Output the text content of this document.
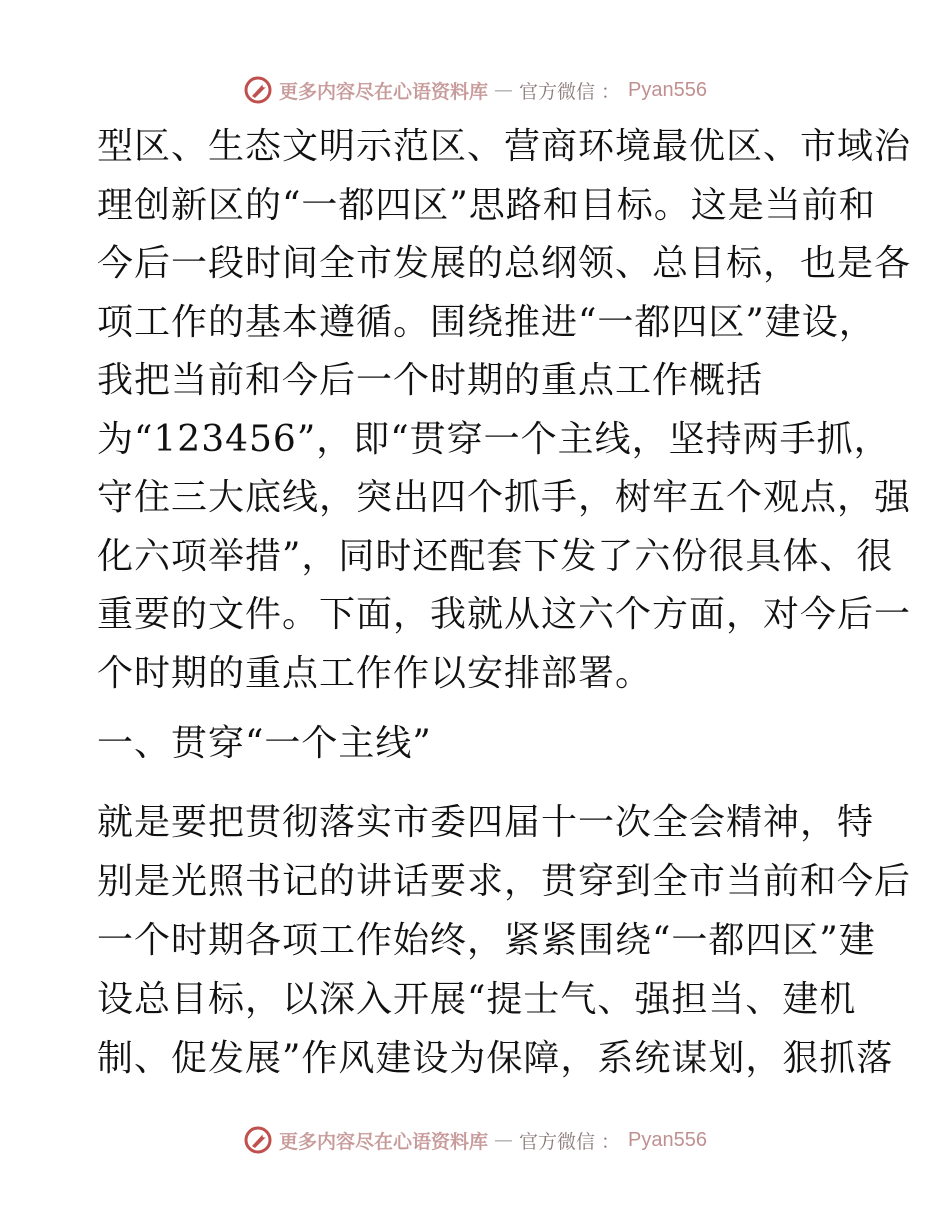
更多内容尽在心语资料库 — 官方微信 ： Pyan556
型区、生态文明示范区、营商环境最优区、市域治
理创新区的“一都四区”思路和目标。这是当前和
今后一段时间全市发展的总纲领、总目标，也是各
项工作的基本遵循。围绕推进“一都四区”建设，
我把当前和今后一个时期的重点工作概括
为“123456”，即“贯穿一个主线，坚持两手抓，
守住三大底线，突出四个抓手，树牢五个观点，强
化六项举措”，同时还配套下发了六份很具体、很
重要的文件。下面，我就从这六个方面，对今后一
个时期的重点工作作以安排部署。
一、贯穿“一个主线”
就是要把贯彻落实市委四届十一次全会精神，特
别是光照书记的讲话要求，贯穿到全市当前和今后
一个时期各项工作始终，紧紧围绕“一都四区”建
设总目标，以深入开展“提士气、强担当、建机
制、促发展”作风建设为保障，系统谋划，狠抓落
更多内容尽在心语资料库 — 官方微信 ： Pyan556
